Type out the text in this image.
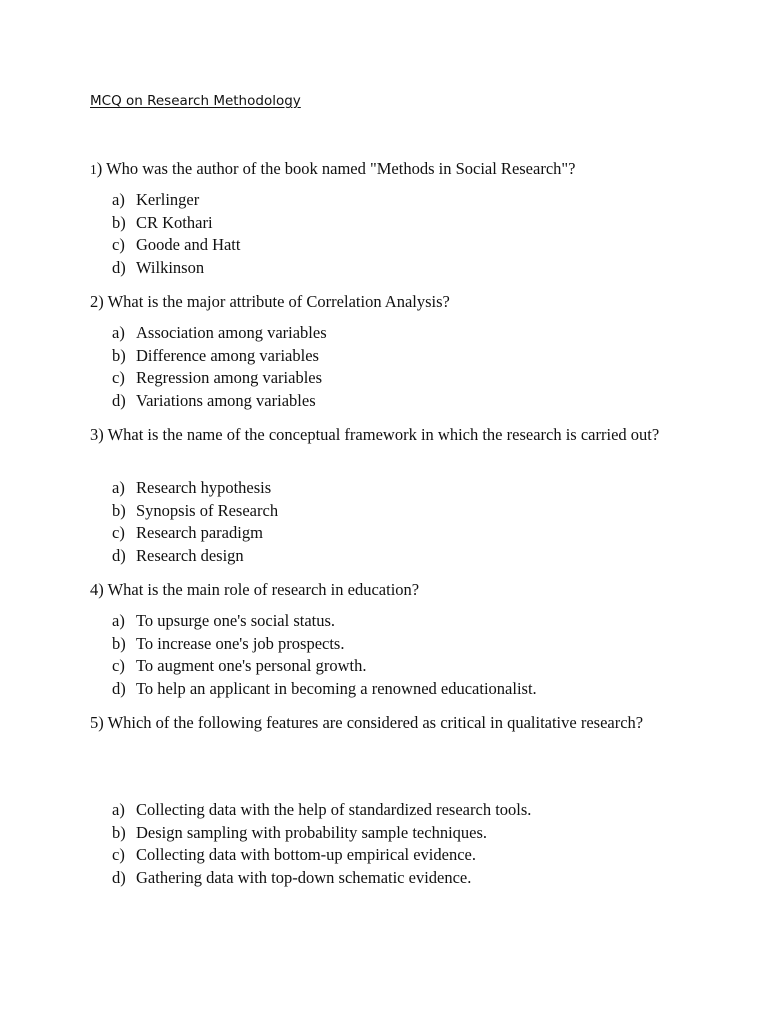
MCQ on Research Methodology
1) Who was the author of the book named "Methods in Social Research"?
a) Kerlinger
b) CR Kothari
c) Goode and Hatt
d) Wilkinson
2) What is the major attribute of Correlation Analysis?
a) Association among variables
b) Difference among variables
c) Regression among variables
d) Variations among variables
3) What is the name of the conceptual framework in which the research is carried out?
a) Research hypothesis
b) Synopsis of Research
c) Research paradigm
d) Research design
4) What is the main role of research in education?
a) To upsurge one's social status.
b) To increase one's job prospects.
c) To augment one's personal growth.
d) To help an applicant in becoming a renowned educationalist.
5) Which of the following features are considered as critical in qualitative research?
a) Collecting data with the help of standardized research tools.
b) Design sampling with probability sample techniques.
c) Collecting data with bottom-up empirical evidence.
d) Gathering data with top-down schematic evidence.
